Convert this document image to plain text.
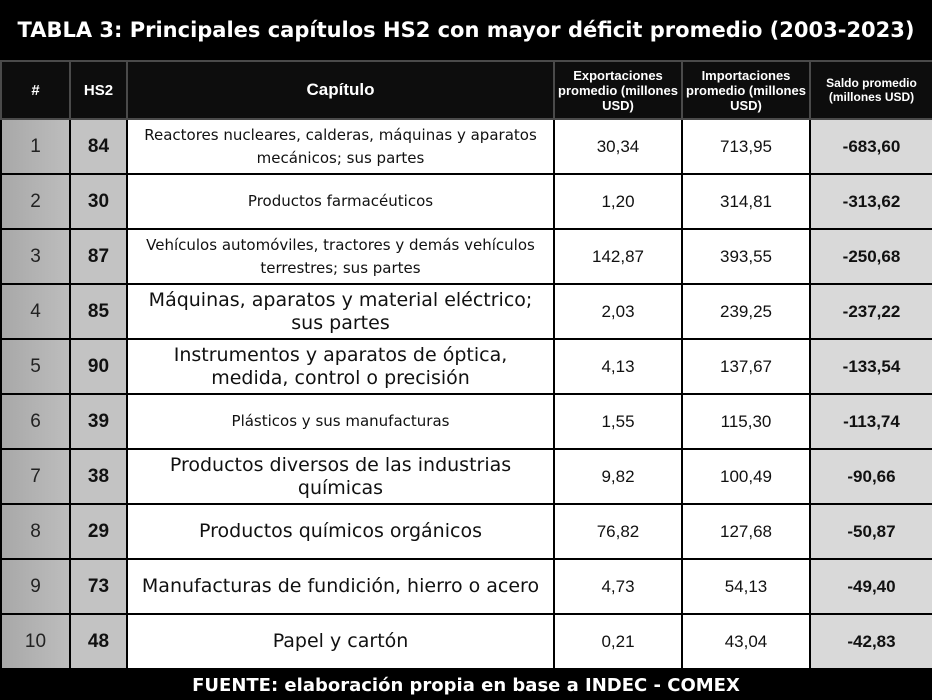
TABLA 3: Principales capítulos HS2 con mayor déficit promedio (2003-2023)
#	HS2	Capítulo	Exportaciones promedio (millones USD)	Importaciones promedio (millones USD)	Saldo promedio (millones USD)
1	84	Reactores nucleares, calderas, máquinas y aparatos mecánicos; sus partes	30,34	713,95	-683,60
2	30	Productos farmacéuticos	1,20	314,81	-313,62
3	87	Vehículos automóviles, tractores y demás vehículos terrestres; sus partes	142,87	393,55	-250,68
4	85	Máquinas, aparatos y material eléctrico; sus partes	2,03	239,25	-237,22
5	90	Instrumentos y aparatos de óptica, medida, control o precisión	4,13	137,67	-133,54
6	39	Plásticos y sus manufacturas	1,55	115,30	-113,74
7	38	Productos diversos de las industrias químicas	9,82	100,49	-90,66
8	29	Productos químicos orgánicos	76,82	127,68	-50,87
9	73	Manufacturas de fundición, hierro o acero	4,73	54,13	-49,40
10	48	Papel y cartón	0,21	43,04	-42,83
FUENTE: elaboración propia en base a INDEC - COMEX
